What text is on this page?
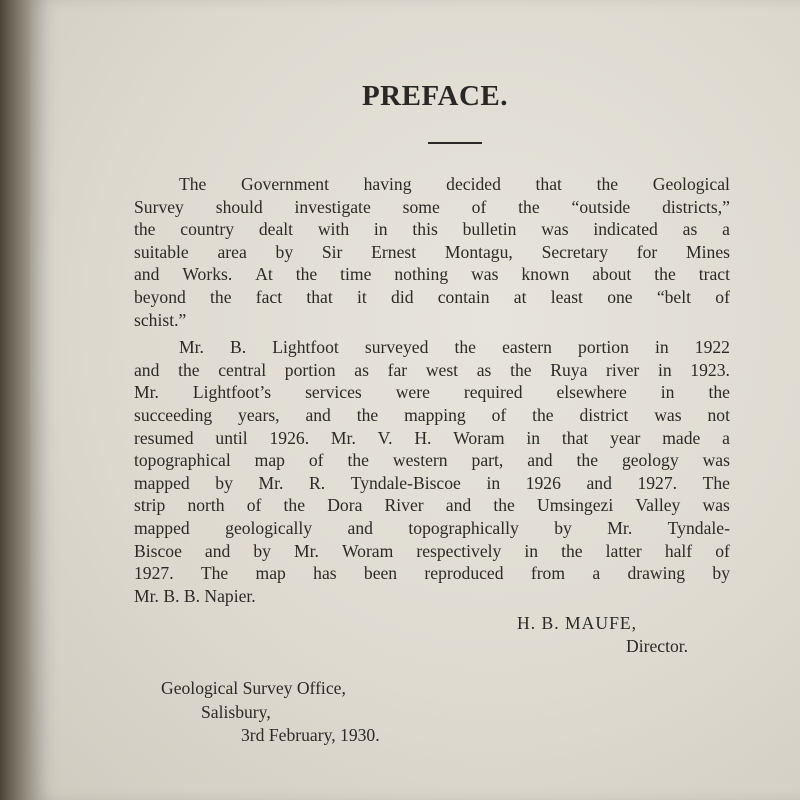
PREFACE.
The Government having decided that the Geological
Survey should investigate some of the “outside districts,”
the country dealt with in this bulletin was indicated as a
suitable area by Sir Ernest Montagu, Secretary for Mines
and Works. At the time nothing was known about the tract
beyond the fact that it did contain at least one “belt of
schist.”
Mr. B. Lightfoot surveyed the eastern portion in 1922
and the central portion as far west as the Ruya river in 1923.
Mr. Lightfoot’s services were required elsewhere in the
succeeding years, and the mapping of the district was not
resumed until 1926. Mr. V. H. Woram in that year made a
topographical map of the western part, and the geology was
mapped by Mr. R. Tyndale-Biscoe in 1926 and 1927. The
strip north of the Dora River and the Umsingezi Valley was
mapped geologically and topographically by Mr. Tyndale-
Biscoe and by Mr. Woram respectively in the latter half of
1927. The map has been reproduced from a drawing by
Mr. B. B. Napier.
H. B. MAUFE,
Director.
Geological Survey Office,
Salisbury,
3rd February, 1930.
